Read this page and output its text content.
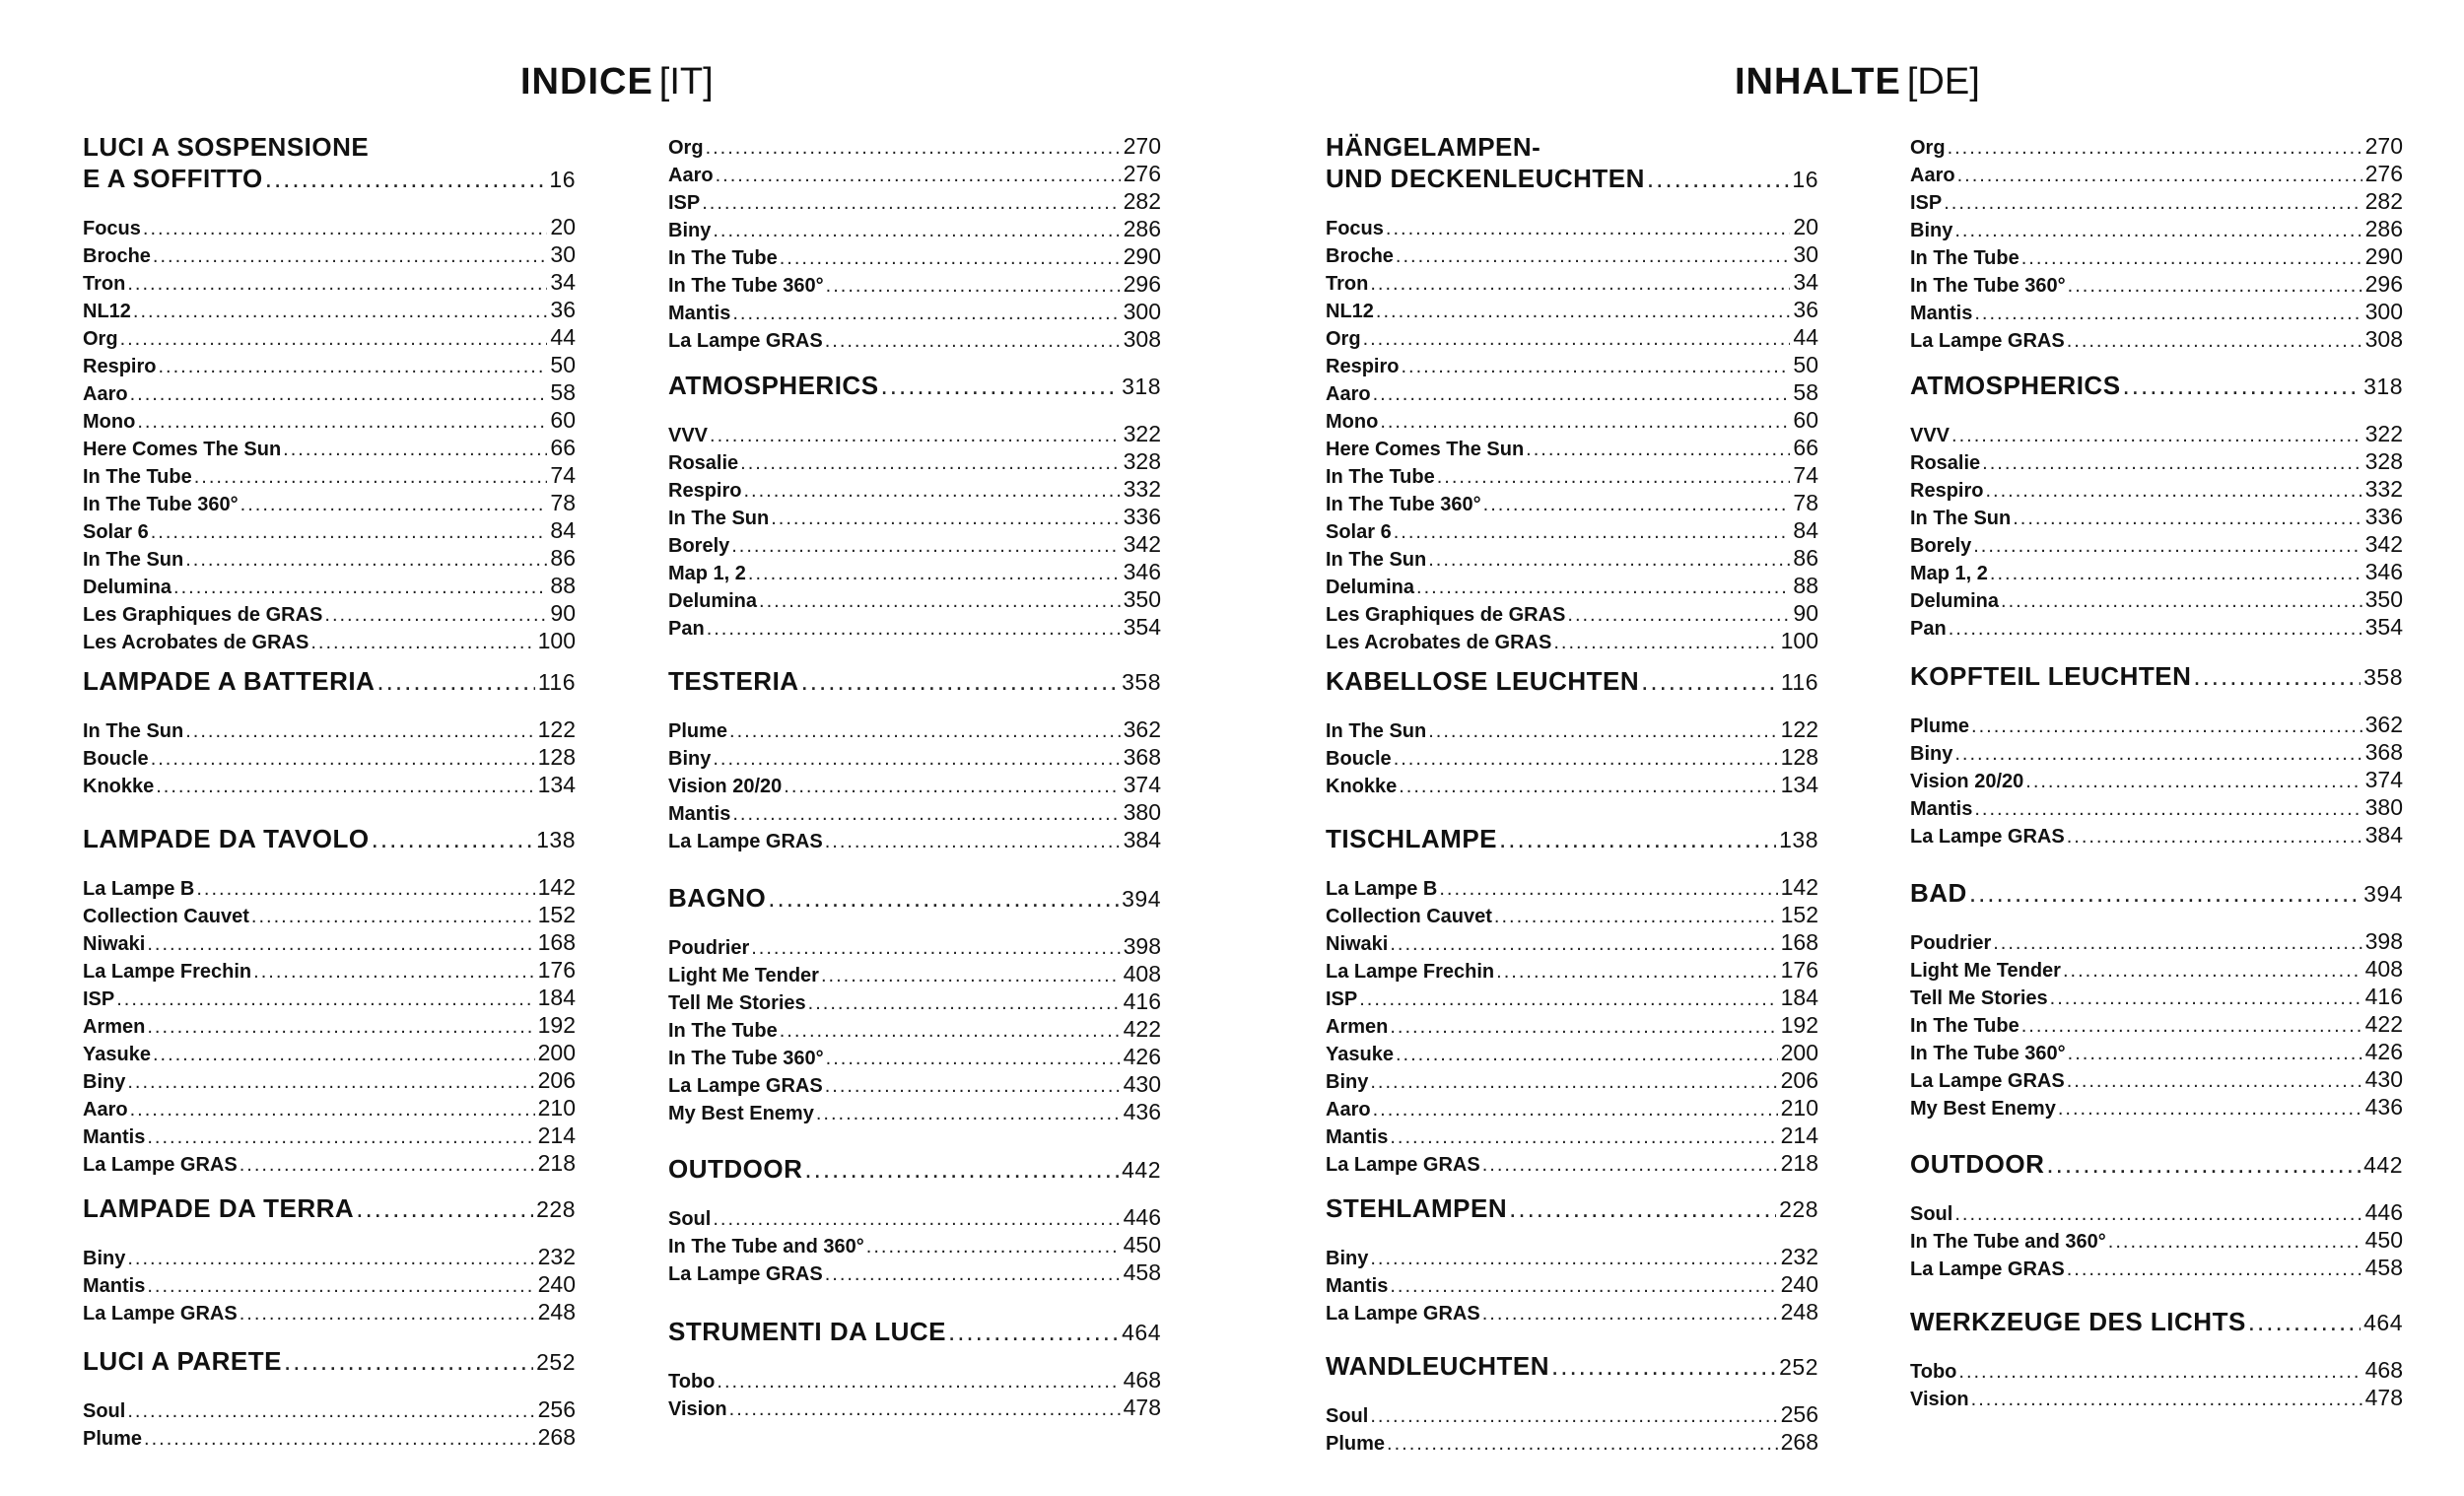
INDICE [IT]	INHALTE [DE]
LUCI A SOSPENSIONE
E A SOFFITTO .....	16
Focus .....	20
Broche .....	30
Tron .....	34
NL12 .....	36
Org .....	44
Respiro .....	50
Aaro .....	58
Mono .....	60
Here Comes The Sun .....	66
In The Tube .....	74
In The Tube 360° .....	78
Solar 6 .....	84
In The Sun .....	86
Delumina .....	88
Les Graphiques de GRAS .....	90
Les Acrobates de GRAS .....	100
LAMPADE A BATTERIA .....	116
In The Sun .....	122
Boucle .....	128
Knokke .....	134
LAMPADE DA TAVOLO .....	138
La Lampe B .....	142
Collection Cauvet .....	152
Niwaki .....	168
La Lampe Frechin .....	176
ISP .....	184
Armen .....	192
Yasuke .....	200
Biny .....	206
Aaro .....	210
Mantis .....	214
La Lampe GRAS .....	218
LAMPADE DA TERRA .....	228
Biny .....	232
Mantis .....	240
La Lampe GRAS .....	248
LUCI A PARETE .....	252
Soul .....	256
Plume .....	268
Org .....	270
Aaro .....	276
ISP .....	282
Biny .....	286
In The Tube .....	290
In The Tube 360° .....	296
Mantis .....	300
La Lampe GRAS .....	308
ATMOSPHERICS .....	318
VVV .....	322
Rosalie .....	328
Respiro .....	332
In The Sun .....	336
Borely .....	342
Map 1, 2 .....	346
Delumina .....	350
Pan .....	354
TESTERIA .....	358
Plume .....	362
Biny .....	368
Vision 20/20 .....	374
Mantis .....	380
La Lampe GRAS .....	384
BAGNO .....	394
Poudrier .....	398
Light Me Tender .....	408
Tell Me Stories .....	416
In The Tube .....	422
In The Tube 360° .....	426
La Lampe GRAS .....	430
My Best Enemy .....	436
OUTDOOR .....	442
Soul .....	446
In The Tube and 360° .....	450
La Lampe GRAS .....	458
STRUMENTI DA LUCE .....	464
Tobo .....	468
Vision .....	478
HÄNGELAMPEN-
UND DECKENLEUCHTEN .....	16
Focus .....	20
Broche .....	30
Tron .....	34
NL12 .....	36
Org .....	44
Respiro .....	50
Aaro .....	58
Mono .....	60
Here Comes The Sun .....	66
In The Tube .....	74
In The Tube 360° .....	78
Solar 6 .....	84
In The Sun .....	86
Delumina .....	88
Les Graphiques de GRAS .....	90
Les Acrobates de GRAS .....	100
KABELLOSE LEUCHTEN .....	116
In The Sun .....	122
Boucle .....	128
Knokke .....	134
TISCHLAMPE .....	138
La Lampe B .....	142
Collection Cauvet .....	152
Niwaki .....	168
La Lampe Frechin .....	176
ISP .....	184
Armen .....	192
Yasuke .....	200
Biny .....	206
Aaro .....	210
Mantis .....	214
La Lampe GRAS .....	218
STEHLAMPEN .....	228
Biny .....	232
Mantis .....	240
La Lampe GRAS .....	248
WANDLEUCHTEN .....	252
Soul .....	256
Plume .....	268
Org .....	270
Aaro .....	276
ISP .....	282
Biny .....	286
In The Tube .....	290
In The Tube 360° .....	296
Mantis .....	300
La Lampe GRAS .....	308
ATMOSPHERICS .....	318
VVV .....	322
Rosalie .....	328
Respiro .....	332
In The Sun .....	336
Borely .....	342
Map 1, 2 .....	346
Delumina .....	350
Pan .....	354
KOPFTEIL LEUCHTEN .....	358
Plume .....	362
Biny .....	368
Vision 20/20 .....	374
Mantis .....	380
La Lampe GRAS .....	384
BAD .....	394
Poudrier .....	398
Light Me Tender .....	408
Tell Me Stories .....	416
In The Tube .....	422
In The Tube 360° .....	426
La Lampe GRAS .....	430
My Best Enemy .....	436
OUTDOOR .....	442
Soul .....	446
In The Tube and 360° .....	450
La Lampe GRAS .....	458
WERKZEUGE DES LICHTS .....	464
Tobo .....	468
Vision .....	478
